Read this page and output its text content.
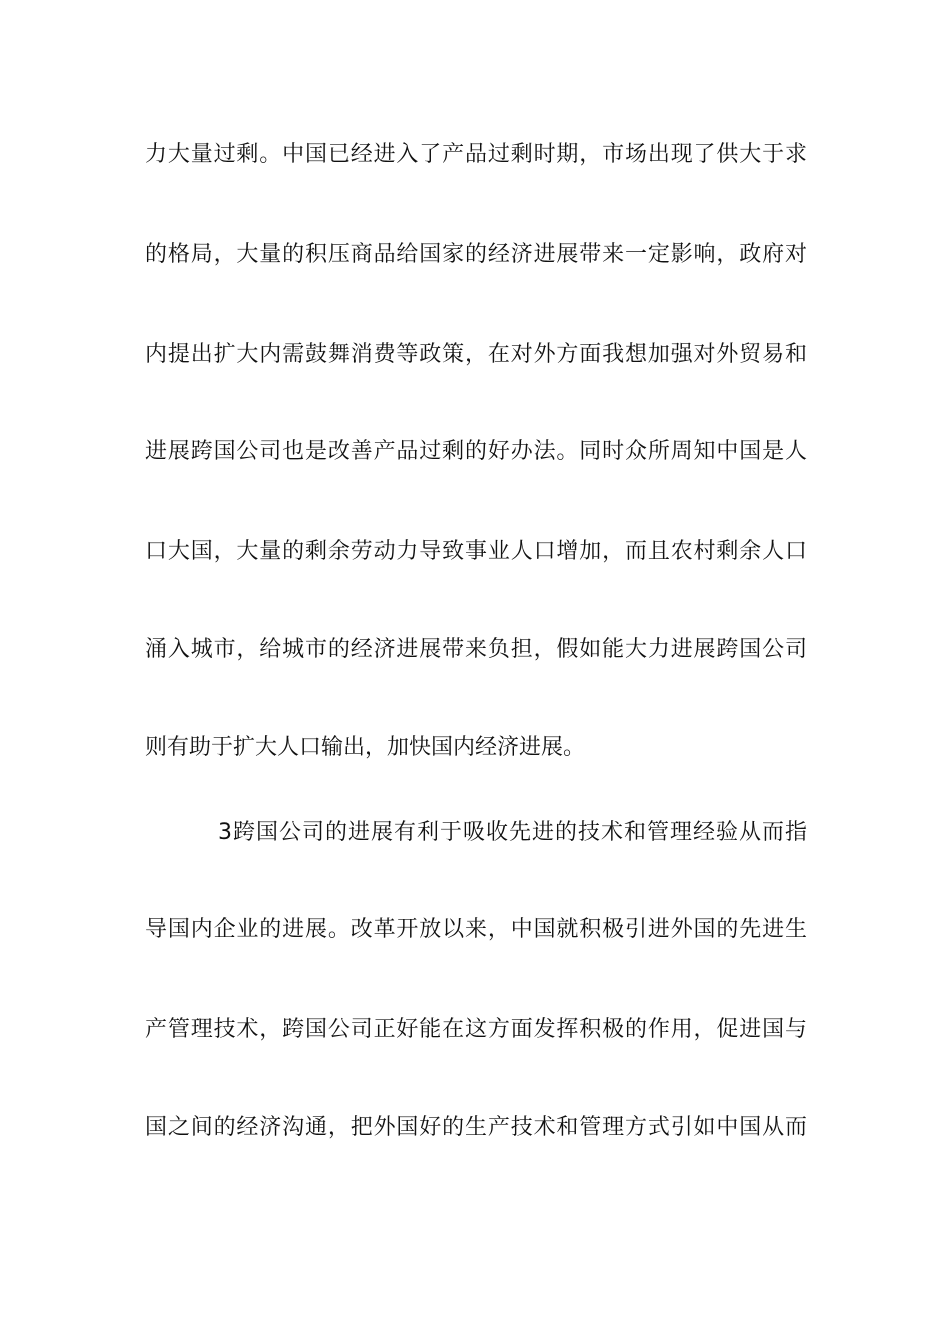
力大量过剩。中国已经进入了产品过剩时期，市场出现了供大于求
的格局，大量的积压商品给国家的经济进展带来一定影响，政府对
内提出扩大内需鼓舞消费等政策，在对外方面我想加强对外贸易和
进展跨国公司也是改善产品过剩的好办法。同时众所周知中国是人
口大国，大量的剩余劳动力导致事业人口增加，而且农村剩余人口
涌入城市，给城市的经济进展带来负担，假如能大力进展跨国公司
则有助于扩大人口输出，加快国内经济进展。
3跨国公司的进展有利于吸收先进的技术和管理经验从而指
导国内企业的进展。改革开放以来，中国就积极引进外国的先进生
产管理技术，跨国公司正好能在这方面发挥积极的作用，促进国与
国之间的经济沟通，把外国好的生产技术和管理方式引如中国从而
